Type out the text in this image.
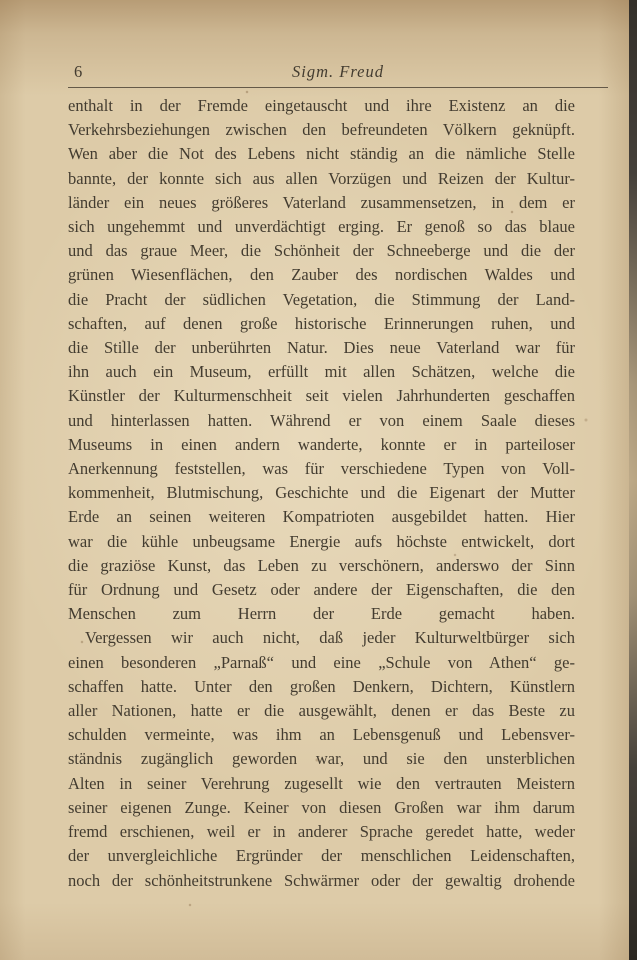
6	Sigm. Freud
enthalt in der Fremde eingetauscht und ihre Existenz an die
Verkehrsbeziehungen zwischen den befreundeten Völkern geknüpft.
Wen aber die Not des Lebens nicht ständig an die nämliche Stelle
bannte, der konnte sich aus allen Vorzügen und Reizen der Kultur-
länder ein neues größeres Vaterland zusammensetzen, in dem er
sich ungehemmt und unverdächtigt erging. Er genoß so das blaue
und das graue Meer, die Schönheit der Schneeberge und die der
grünen Wiesenflächen, den Zauber des nordischen Waldes und
die Pracht der südlichen Vegetation, die Stimmung der Land-
schaften, auf denen große historische Erinnerungen ruhen, und
die Stille der unberührten Natur. Dies neue Vaterland war für
ihn auch ein Museum, erfüllt mit allen Schätzen, welche die
Künstler der Kulturmenschheit seit vielen Jahrhunderten geschaffen
und hinterlassen hatten. Während er von einem Saale dieses
Museums in einen andern wanderte, konnte er in parteiloser
Anerkennung feststellen, was für verschiedene Typen von Voll-
kommenheit, Blutmischung, Geschichte und die Eigenart der Mutter
Erde an seinen weiteren Kompatrioten ausgebildet hatten. Hier
war die kühle unbeugsame Energie aufs höchste entwickelt, dort
die graziöse Kunst, das Leben zu verschönern, anderswo der Sinn
für Ordnung und Gesetz oder andere der Eigenschaften, die den
Menschen zum Herrn der Erde gemacht haben.
Vergessen wir auch nicht, daß jeder Kulturweltbürger sich
einen besonderen „Parnaß“ und eine „Schule von Athen“ ge-
schaffen hatte. Unter den großen Denkern, Dichtern, Künstlern
aller Nationen, hatte er die ausgewählt, denen er das Beste zu
schulden vermeinte, was ihm an Lebensgenuß und Lebensver-
ständnis zugänglich geworden war, und sie den unsterblichen
Alten in seiner Verehrung zugesellt wie den vertrauten Meistern
seiner eigenen Zunge. Keiner von diesen Großen war ihm darum
fremd erschienen, weil er in anderer Sprache geredet hatte, weder
der unvergleichliche Ergründer der menschlichen Leidenschaften,
noch der schönheitstrunkene Schwärmer oder der gewaltig drohende
